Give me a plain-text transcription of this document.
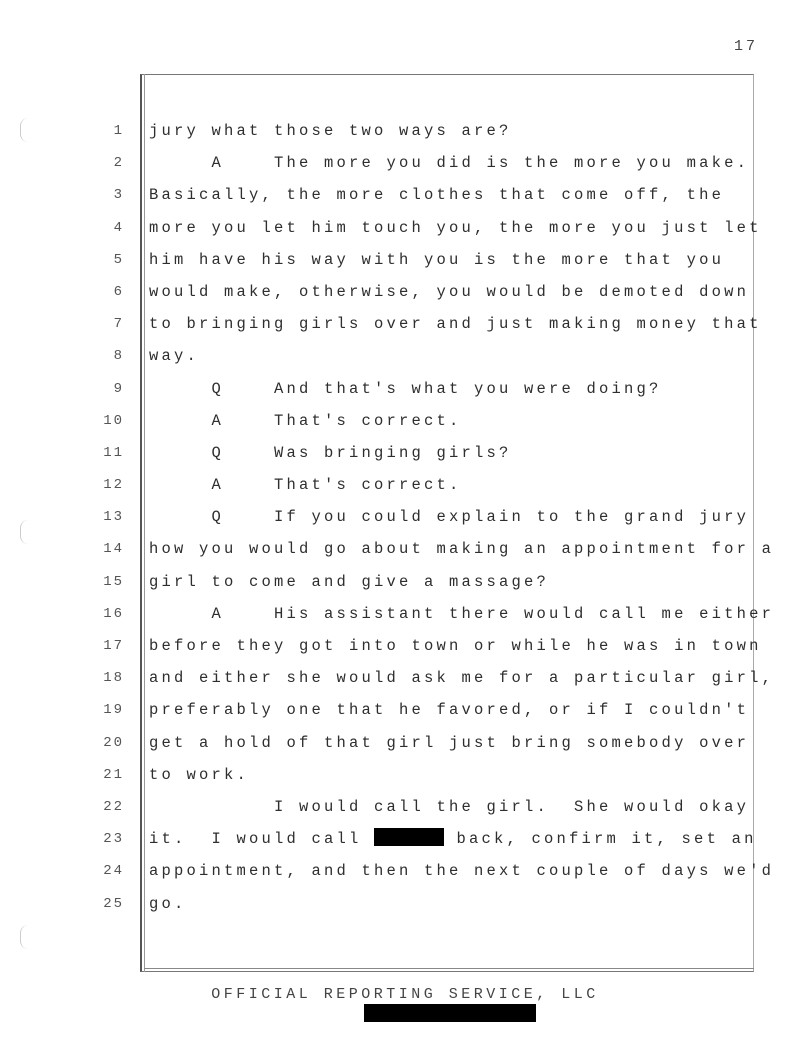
17
1 jury what those two ways are?
2 A    The more you did is the more you make.
3 Basically, the more clothes that come off, the
4 more you let him touch you, the more you just let
5 him have his way with you is the more that you
6 would make, otherwise, you would be demoted down
7 to bringing girls over and just making money that
8 way.
9 Q    And that's what you were doing?
10 A    That's correct.
11 Q    Was bringing girls?
12 A    That's correct.
13 Q    If you could explain to the grand jury
14 how you would go about making an appointment for a
15 girl to come and give a massage?
16 A    His assistant there would call me either
17 before they got into town or while he was in town
18 and either she would ask me for a particular girl,
19 preferably one that he favored, or if I couldn't
20 get a hold of that girl just bring somebody over
21 to work.
22 I would call the girl.  She would okay
23 it.  I would call	back, confirm it, set an
24 appointment, and then the next couple of days we'd
25 go.
OFFICIAL REPORTING SERVICE, LLC
